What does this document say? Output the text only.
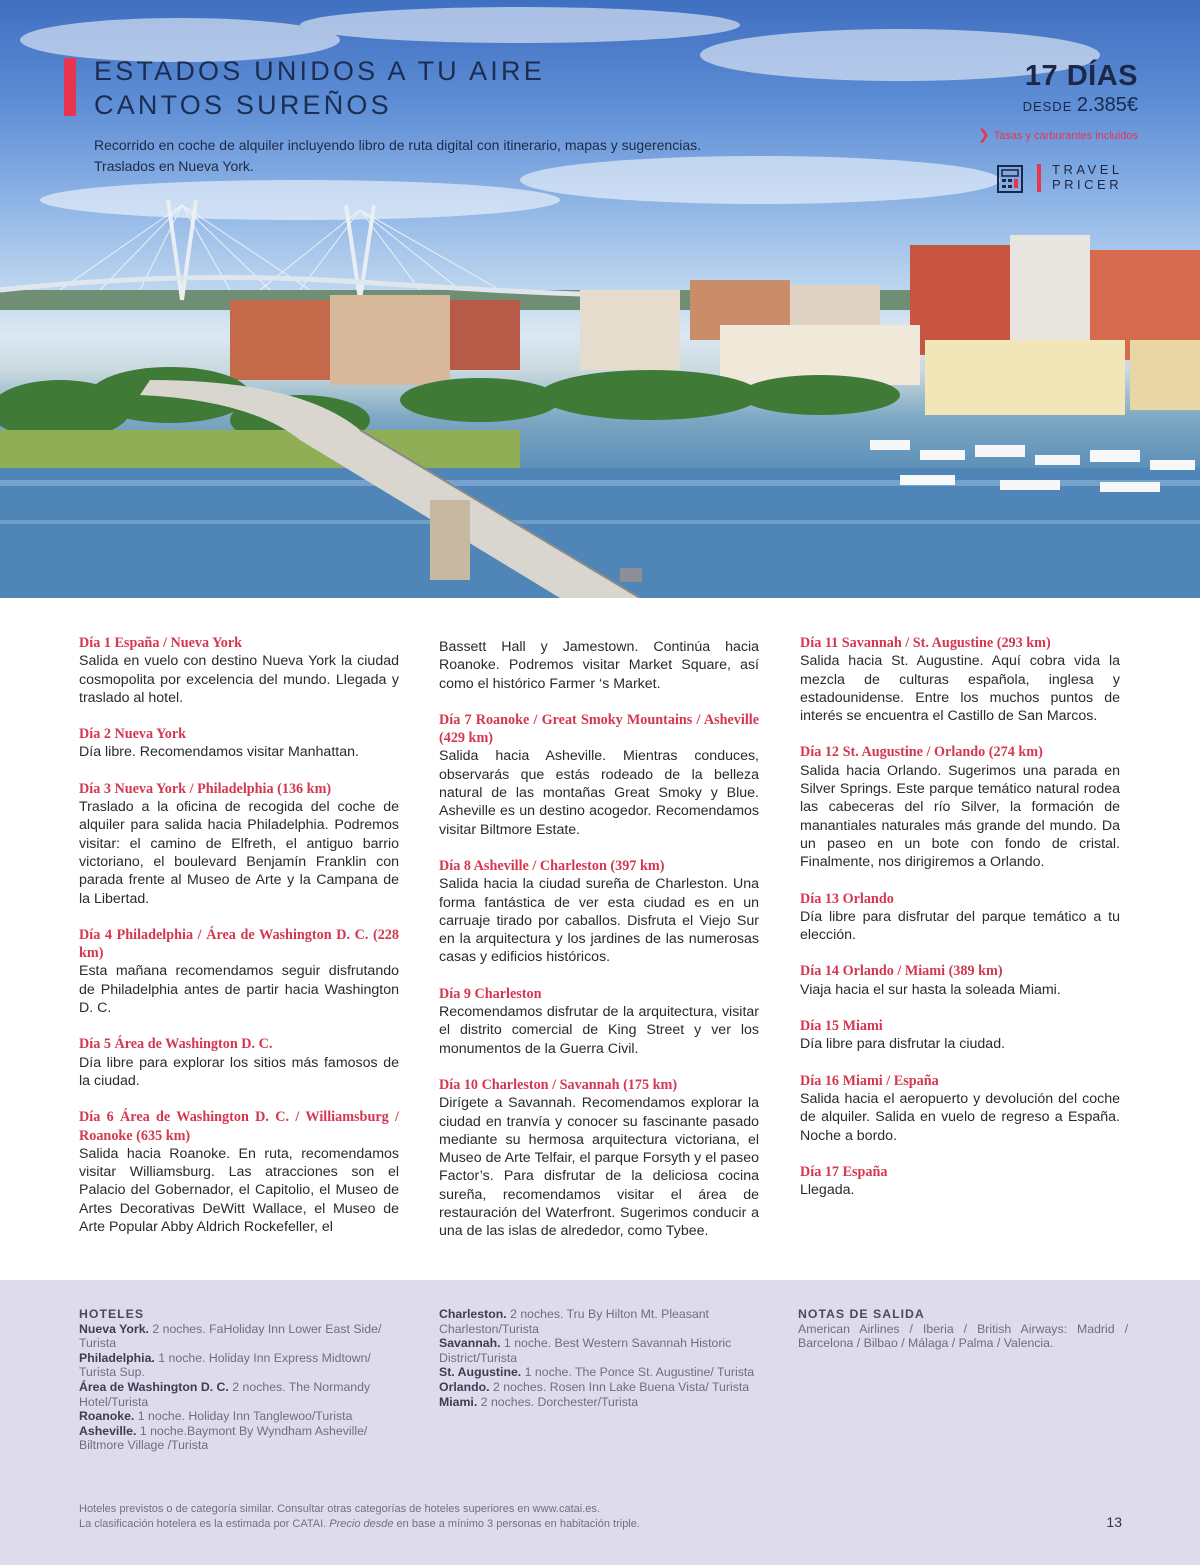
ESTADOS UNIDOS A TU AIRE
CANTOS SUREÑOS
Recorrido en coche de alquiler incluyendo libro de ruta digital con itinerario, mapas y sugerencias.
Traslados en Nueva York.
17 DÍAS
DESDE 2.385€
❯ Tasas y carburantes incluidos
TRAVEL
PRICER
Día 1 España / Nueva York
Salida en vuelo con destino Nueva York la ciudad cosmopolita por excelencia del mundo. Llegada y traslado al hotel.
Día 2 Nueva York
Día libre. Recomendamos visitar Manhattan.
Día 3 Nueva York / Philadelphia (136 km)
Traslado a la oficina de recogida del coche de alquiler para salida hacia Philadelphia. Podremos visitar: el camino de Elfreth, el antiguo barrio victoriano, el boulevard Benjamín Franklin con parada frente al Museo de Arte y la Campana de la Libertad.
Día 4 Philadelphia / Área de Washington D. C. (228 km)
Esta mañana recomendamos seguir disfrutando de Philadelphia antes de partir hacia Washington D. C.
Día 5 Área de Washington D. C.
Día libre para explorar los sitios más famosos de la ciudad.
Día 6 Área de Washington D. C. / Williamsburg / Roanoke (635 km)
Salida hacia Roanoke. En ruta, recomendamos visitar Williamsburg. Las atracciones son el Palacio del Gobernador, el Capitolio, el Museo de Artes Decorativas DeWitt Wallace, el Museo de Arte Popular Abby Aldrich Rockefeller, el
Bassett Hall y Jamestown. Continúa hacia Roanoke. Podremos visitar Market Square, así como el histórico Farmer ‘s Market.
Día 7 Roanoke / Great Smoky Mountains / Asheville (429 km)
Salida hacia Asheville. Mientras conduces, observarás que estás rodeado de la belleza natural de las montañas Great Smoky y Blue. Asheville es un destino acogedor. Recomendamos visitar Biltmore Estate.
Día 8 Asheville / Charleston (397 km)
Salida hacia la ciudad sureña de Charleston. Una forma fantástica de ver esta ciudad es en un carruaje tirado por caballos. Disfruta el Viejo Sur en la arquitectura y los jardines de las numerosas casas y edificios históricos.
Día 9 Charleston
Recomendamos disfrutar de la arquitectura, visitar el distrito comercial de King Street y ver los monumentos de la Guerra Civil.
Día 10 Charleston / Savannah (175 km)
Dirígete a Savannah. Recomendamos explorar la ciudad en tranvía y conocer su fascinante pasado mediante su hermosa arquitectura victoriana, el Museo de Arte Telfair, el parque Forsyth y el paseo Factor’s. Para disfrutar de la deliciosa cocina sureña, recomendamos visitar el área de restauración del Waterfront. Sugerimos conducir a una de las islas de alrededor, como Tybee.
Día 11 Savannah / St. Augustine (293 km)
Salida hacia St. Augustine. Aquí cobra vida la mezcla de culturas española, inglesa y estadounidense. Entre los muchos puntos de interés se encuentra el Castillo de San Marcos.
Día 12 St. Augustine / Orlando (274 km)
Salida hacia Orlando. Sugerimos una parada en Silver Springs. Este parque temático natural rodea las cabeceras del río Silver, la formación de manantiales naturales más grande del mundo. Da un paseo en un bote con fondo de cristal. Finalmente, nos dirigiremos a Orlando.
Día 13 Orlando
Día libre para disfrutar del parque temático a tu elección.
Día 14 Orlando / Miami (389 km)
Viaja hacia el sur hasta la soleada Miami.
Día 15 Miami
Día libre para disfrutar la ciudad.
Día 16 Miami / España
Salida hacia el aeropuerto y devolución del coche de alquiler. Salida en vuelo de regreso a España. Noche a bordo.
Día 17 España
Llegada.
HOTELES
Nueva York. 2 noches. FaHoliday Inn Lower East Side/ Turista
Philadelphia. 1 noche. Holiday Inn Express Midtown/ Turista Sup.
Área de Washington D. C. 2 noches. The Normandy Hotel/Turista
Roanoke. 1 noche. Holiday Inn Tanglewoo/Turista
Asheville. 1 noche.Baymont By Wyndham Asheville/ Biltmore Village /Turista
Charleston. 2 noches. Tru By Hilton Mt. Pleasant Charleston/Turista
Savannah. 1 noche. Best Western Savannah Historic District/Turista
St. Augustine. 1 noche. The Ponce St. Augustine/ Turista
Orlando. 2 noches. Rosen Inn Lake Buena Vista/ Turista
Miami. 2 noches. Dorchester/Turista
NOTAS DE SALIDA
American Airlines / Iberia / British Airways: Madrid / Barcelona / Bilbao / Málaga / Palma / Valencia.
Hoteles previstos o de categoría similar. Consultar otras categorías de hoteles superiores en www.catai.es.
La clasificación hotelera es la estimada por CATAI. Precio desde en base a mínimo 3 personas en habitación triple.	13
